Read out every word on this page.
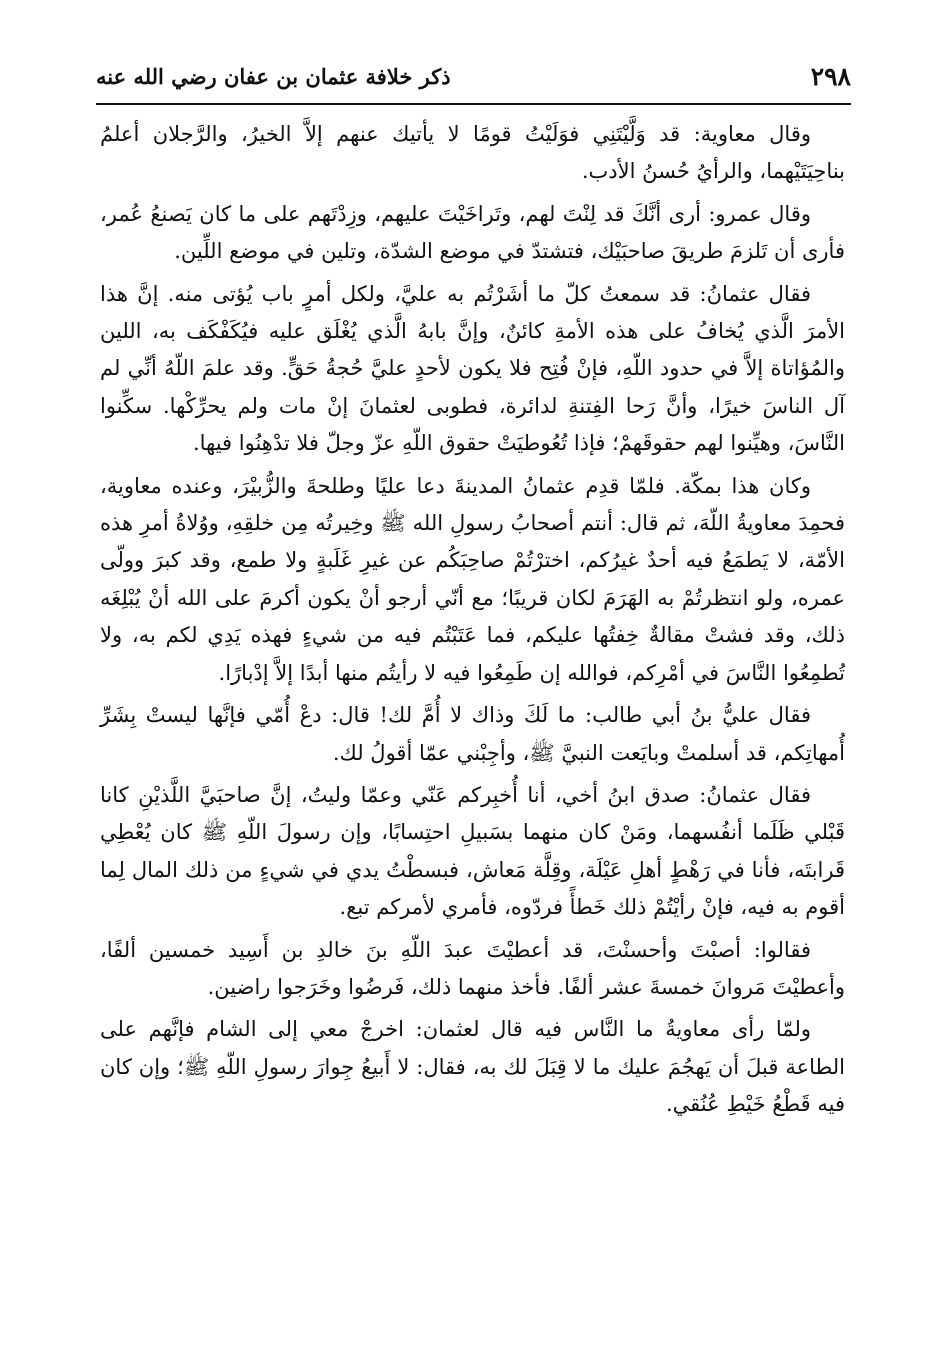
٢٩٨
ذكر خلافة عثمان بن عفان رضي الله عنه

وقال معاوية: قد وَلَّيْتَنِي فوَلَيْتُ قومًا لا يأتيك عنهم إلاَّ الخيرُ، والرَّجلان أعلمُ بناحِيَتَيْهما، والرأيُ حُسنُ الأدب.

وقال عمرو: أرى أنَّكَ قد لِنْتَ لهم، وتَراخَيْتَ عليهم، وزِدْتَهم على ما كان يَصنعُ عُمر، فأرى أن تَلزمَ طريقَ صاحبَيْك، فتشتدّ في موضع الشدّة، وتلين في موضع اللِّين.

فقال عثمانُ: قد سمعتُ كلّ ما أشَرْتُم به عليَّ، ولكل أمرٍ باب يُؤتى منه. إنَّ هذا الأمرَ الَّذي يُخافُ على هذه الأمةِ كائنٌ، وإنَّ بابهُ الَّذي يُغْلَق عليه فيُكَفْكَف به، اللين والمُؤاتاة إلاَّ في حدود اللّهِ، فإنْ فُتِح فلا يكون لأحدٍ عليَّ حُجةُ حَقٍّ. وقد علمَ اللّهُ أنِّي لم آل الناسَ خيرًا، وأنَّ رَحا الفِتنةِ لدائرة، فطوبى لعثمانَ إنْ مات ولم يحرِّكْها. سكِّنوا النَّاسَ، وهيِّنوا لهم حقوقَهمْ؛ فإذا تُعُوطيَتْ حقوق اللّهِ عزّ وجلّ فلا تدْهِنُوا فيها.

وكان هذا بمكّة. فلمّا قدِم عثمانُ المدينةَ دعا عليًا وطلحةَ والزُّبيْرَ، وعنده معاوية، فحمِدَ معاويةُ اللّهَ، ثم قال: أنتم أصحابُ رسولِ الله ﷺ وخِيرتُه مِن خلقِهِ، ووُلاةُ أمرِ هذه الأمّة، لا يَطمَعُ فيه أحدٌ غيرُكم، اخترْتُمْ صاحِبَكُم عن غيرِ غَلَبةٍ ولا طمع، وقد كبرَ وولّى عمره، ولو انتظرتُمْ به الهَرَمَ لكان قريبًا؛ مع أنّي أرجو أنْ يكون أكرمَ على الله أنْ يُبْلِغَه ذلك، وقد فشتْ مقالةٌ خِفتُها عليكم، فما عَتَبْتُم فيه من شيءٍ فهذه يَدِي لكم به، ولا تُطمِعُوا النَّاسَ في أمْرِكم، فوالله إن طَمِعُوا فيه لا رأيتُم منها أبدًا إلاَّ إدْبارًا.

فقال عليُّ بنُ أبي طالب: ما لَكَ وذاك لا أُمَّ لك! قال: دعْ أُمّي فإنَّها ليستْ بِشَرِّ أُمهاتِكم، قد أسلمتْ وبايَعت النبيَّ ﷺ، وأجِبْني عمّا أقولُ لك.

فقال عثمانُ: صدق ابنُ أخي، أنا أُخبِركم عَنّي وعمّا وليتُ، إنَّ صاحبَيَّ اللَّذيْنِ كانا قَبْلي ظَلَما أنفُسهما، ومَنْ كان منهما بسَبيلِ احتِسابًا، وإن رسولَ اللّهِ ﷺ كان يُعْطِي قَرابتَه، فأنا في رَهْطٍ أهلِ عَيْلَة، وقِلَّة مَعاش، فبسطْتُ يدي في شيءٍ من ذلك المال لِما أقوم به فيه، فإنْ رأيْتُمْ ذلك خَطأً فردّوه، فأمري لأمركم تبع.

فقالوا: أصبْتَ وأحسنْتَ، قد أعطيْتَ عبدَ اللّهِ بنَ خالدِ بن أَسِيد خمسين ألفًا، وأعطيْتَ مَروانَ خمسةَ عشر ألفًا. فأخذ منهما ذلك، فَرضُوا وخَرَجوا راضين.

ولمّا رأى معاويةُ ما النَّاس فيه قال لعثمان: اخرجْ معي إلى الشام فإنَّهم على الطاعة قبلَ أن يَهجُمَ عليك ما لا قِبَلَ لك به، فقال: لا أَبيعُ جِوارَ رسولِ اللّهِ ﷺ؛ وإن كان فيه قَطْعُ خَيْطِ عُنُقي.
